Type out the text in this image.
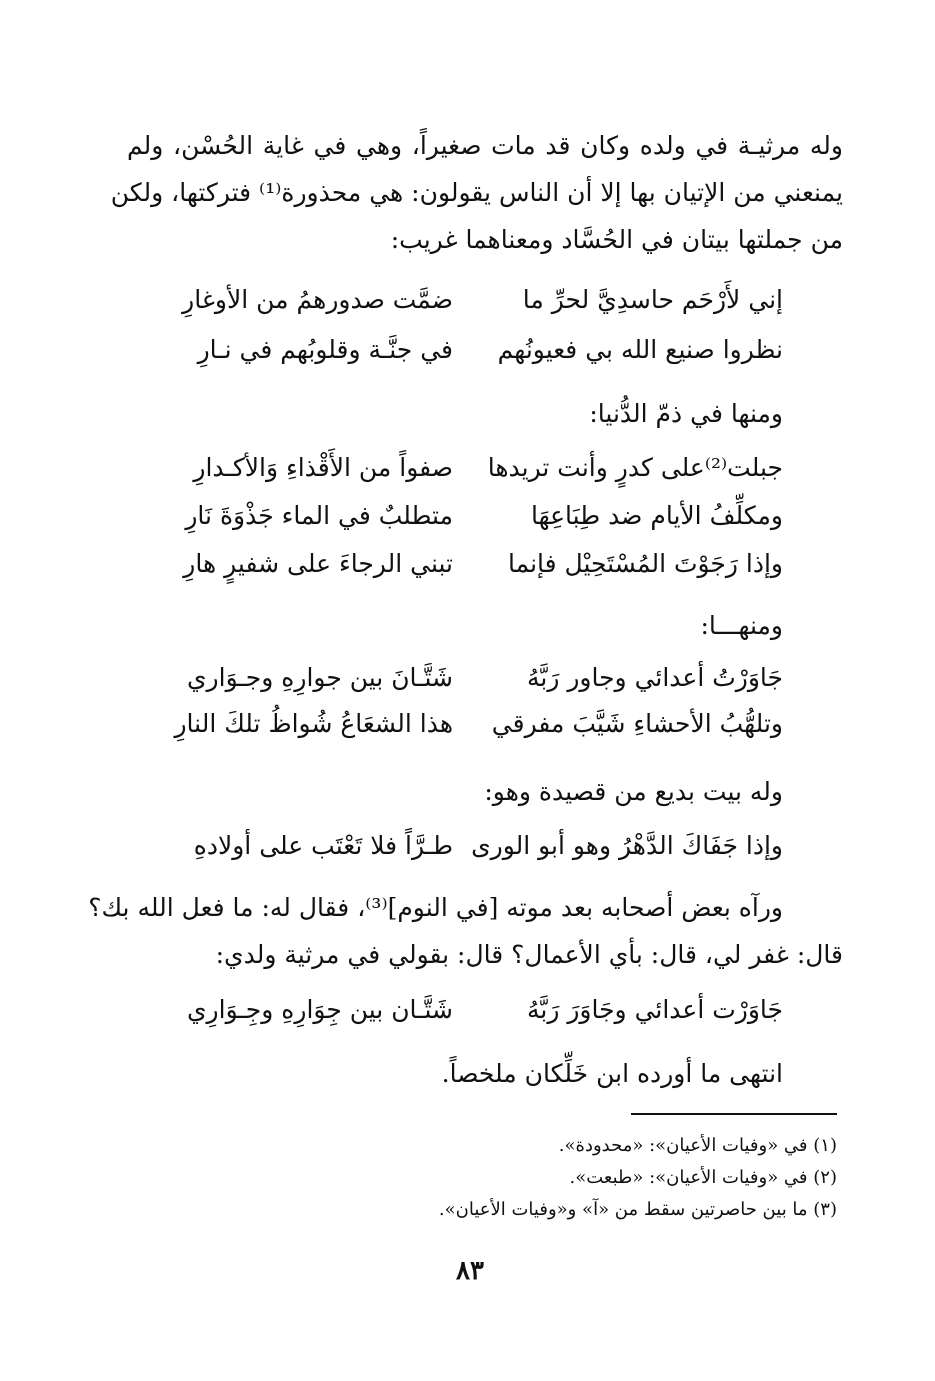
وله مرثيـة في ولده وكان قد مات صغيراً، وهي في غاية الحُسْن، ولم
يمنعني من الإتيان بها إلا أن الناس يقولون: هي محذورة⁽¹⁾ فتركتها، ولكن
من جملتها بيتان في الحُسَّاد ومعناهما غريب:
إني لأَرْحَم حاسدِيَّ لحرِّ ما
ضمَّت صدورهمُ من الأوغارِ
نظروا صنيع الله بي فعيونُهم
في جنَّـة وقلوبُهم في نـارِ
ومنها في ذمّ الدُّنيا:
جبلت⁽²⁾على كدرٍ وأنت تريدها
صفواً من الأَقْذاءِ وَالأكـدارِ
ومكلِّفُ الأيام ضد طِبَاعِهَا
متطلبٌ في الماء جَذْوَةَ نَارِ
وإذا رَجَوْتَ المُسْتَحِيْل فإنما
تبني الرجاءَ على شفيرٍ هارِ
ومنهـــا:
جَاوَرْتُ أعدائي وجاور رَبَّهُ
شَتَّـانَ بين جوارِهِ وجـوَاري
وتلهُّبُ الأحشاءِ شَيَّبَ مفرقي
هذا الشعَاعُ شُواظُ تلكَ النارِ
وله بيت بديع من قصيدة وهو:
وإذا جَفَاكَ الدَّهْرُ وهو أبو الورى
طـرَّاً فلا تَعْتَب على أولادهِ
ورآه بعض أصحابه بعد موته [في النوم]⁽³⁾، فقال له: ما فعل الله بك؟
قال: غفر لي، قال: بأي الأعمال؟ قال: بقولي في مرثية ولدي:
جَاوَرْت أعدائي وجَاوَرَ رَبَّهُ
شَتَّـان بين جِوَارِهِ وجِـوَارِي
انتهى ما أورده ابن خَلِّكان ملخصاً.
(١) في «وفيات الأعيان»: «محدودة».
(٢) في «وفيات الأعيان»: «طبعت».
(٣) ما بين حاصرتين سقط من «آ» و«وفيات الأعيان».
٨٣
